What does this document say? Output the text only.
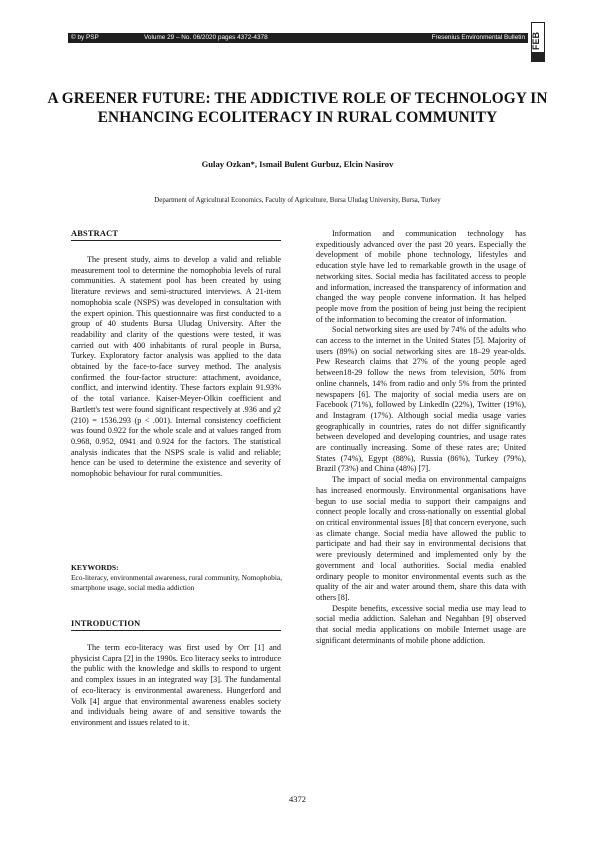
© by PSP	Volume 29 – No. 06/2020 pages 4372-4378	Fresenius Environmental Bulletin FEB
A GREENER FUTURE: THE ADDICTIVE ROLE OF TECHNOLOGY IN ENHANCING ECOLITERACY IN RURAL COMMUNITY
Gulay Ozkan*, Ismail Bulent Gurbuz, Elcin Nasirov
Department of Agricultural Economics, Faculty of Agriculture, Bursa Uludag University, Bursa, Turkey
ABSTRACT

The present study, aims to develop a valid and reliable measurement tool to determine the nomophobia levels of rural communities. A statement pool has been created by using literature reviews and semi-structured interviews. A 21-item nomophobia scale (NSPS) was developed in consultation with the expert opinion. This questionnaire was first conducted to a group of 40 students Bursa Uludag University. After the readability and clarity of the questions were tested, it was carried out with 400 inhabitants of rural people in Bursa, Turkey. Exploratory factor analysis was applied to the data obtained by the face-to-face survey method. The analysis confirmed the four-factor structure: attachment, avoidance, conflict, and interwind identity. These factors explain 91.93% of the total variance. Kaiser-Meyer-Olkin coefficient and Bartlett's test were found significant respectively at .936 and χ2 (210) = 1536.293 (p < .001). Internal consistency coefficient was found 0.922 for the whole scale and at values ranged from 0.968, 0.952, 0941 and 0.924 for the factors. The statistical analysis indicates that the NSPS scale is valid and reliable; hence can be used to determine the existence and severity of nomophobic behaviour for rural communities.

KEYWORDS:
Eco-literacy, environmental awareness, rural community, Nomophobia, smartphone usage, social media addiction
INTRODUCTION

The term eco-literacy was first used by Orr [1] and physicist Capra [2] in the 1990s. Eco literacy seeks to introduce the public with the knowledge and skills to respond to urgent and complex issues in an integrated way [3]. The fundamental of eco-literacy is environmental awareness. Hungerford and Volk [4] argue that environmental awareness enables society and individuals being aware of and sensitive towards the environment and issues related to it.

Information and communication technology has expeditiously advanced over the past 20 years. Especially the development of mobile phone technology, lifestyles and education style have led to remarkable growth in the usage of networking sites. Social media has facilitated access to people and information, increased the transparency of information and changed the way people convene information. It has helped people move from the position of being just being the recipient of the information to becoming the creator of information.

Social networking sites are used by 74% of the adults who can access to the internet in the United States [5]. Majority of users (89%) on social networking sites are 18–29 year-olds. Pew Research claims that 27% of the young people aged between18-29 follow the news from television, 50% from online channels, 14% from radio and only 5% from the printed newspapers [6]. The majority of social media users are on Facebook (71%), followed by LinkedIn (22%), Twitter (19%), and Instagram (17%). Although social media usage varies geographically in countries, rates do not differ significantly between developed and developing countries, and usage rates are continually increasing. Some of these rates are; United States (74%), Egypt (88%), Russia (86%), Turkey (79%), Brazil (73%) and China (48%) [7].

The impact of social media on environmental campaigns has increased enormously. Environmental organisations have begun to use social media to support their campaigns and connect people locally and cross-nationally on essential global on critical environmental issues [8] that concern everyone, such as climate change. Social media have allowed the public to participate and had their say in environmental decisions that were previously determined and implemented only by the government and local authorities. Social media enabled ordinary people to monitor environmental events such as the quality of the air and water around them, share this data with others [8].

Despite benefits, excessive social media use may lead to social media addiction. Salehan and Negahban [9] observed that social media applications on mobile Internet usage are significant determinants of mobile phone addiction.

4372
